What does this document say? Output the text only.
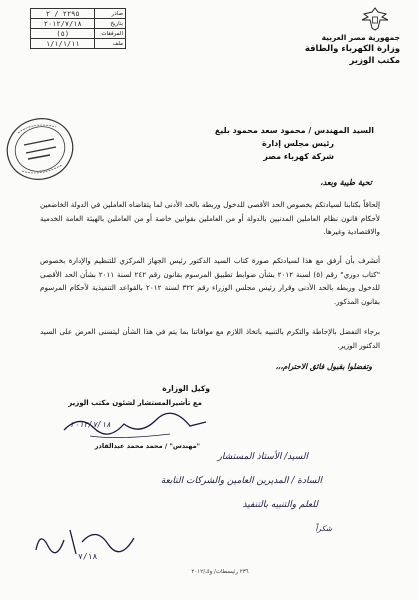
جمهورية مصر العربية
وزارة الكهرباء والطاقة
مكتب الوزير
٢٢٩٥ / ٢	صادر
٢٠١٢/٧/١٨	بتاريخ
(٥)	المرفقات
١/١/١/١١	ملف
السيد المهندس / محمود سعد محمود بليغ
رئيس مجلس إدارة
شركة كهرباء مصر
تحية طيبة وبعد،
إلحاقاً بكتابنا لسيادتكم بخصوص الحد الأقصى للدخول وربطه بالحد الأدنى لما يتقاضاه العاملين في الدولة الخاضعين لأحكام قانون نظام العاملين المدنيين بالدولة أو من العاملين بقوانين خاصة أو من العاملين بالهيئة العامة الخدمية والاقتصادية وغيرها.
أتشرف بأن أرفق مع هذا لسيادتكم صورة كتاب السيد الدكتور رئيس الجهاز المركزي للتنظيم والإدارة بخصوص "كتاب دوري" رقم (٥) لسنة ٢٠١٢ بشأن ضوابط تطبيق المرسوم بقانون رقم ٢٤٢ لسنة ٢٠١١ بشأن الحد الأقصى للدخول وربطه بالحد الأدنى وقرار رئيس مجلس الوزراء رقم ٣٢٢ لسنة ٢٠١٢ بالقواعد التنفيذية لأحكام المرسوم بقانون المذكور.
برجاء التفضل بالإحاطة والتكرم بالتنبيه باتخاذ اللازم مع موافاتنا بما يتم في هذا الشأن ليتسنى العرض على السيد الدكتور الوزير.
وتفضلوا بقبول فائق الاحترام،،،
وكيل الوزارة
مع تأشيرالمستشار لشئون مكتب الوزير
٢٠١٢/٧/١٨
"مهندس" / محمد محمد عبدالقادر
السيد/ الأستاذ المستشار
السادة / المديرين العامين والشركات التابعة
للعلم والتنبيه بالتنفيذ
شكراً
٧/١٨
٢٣٦ رئيسطات/ وك/٢٠١٢
